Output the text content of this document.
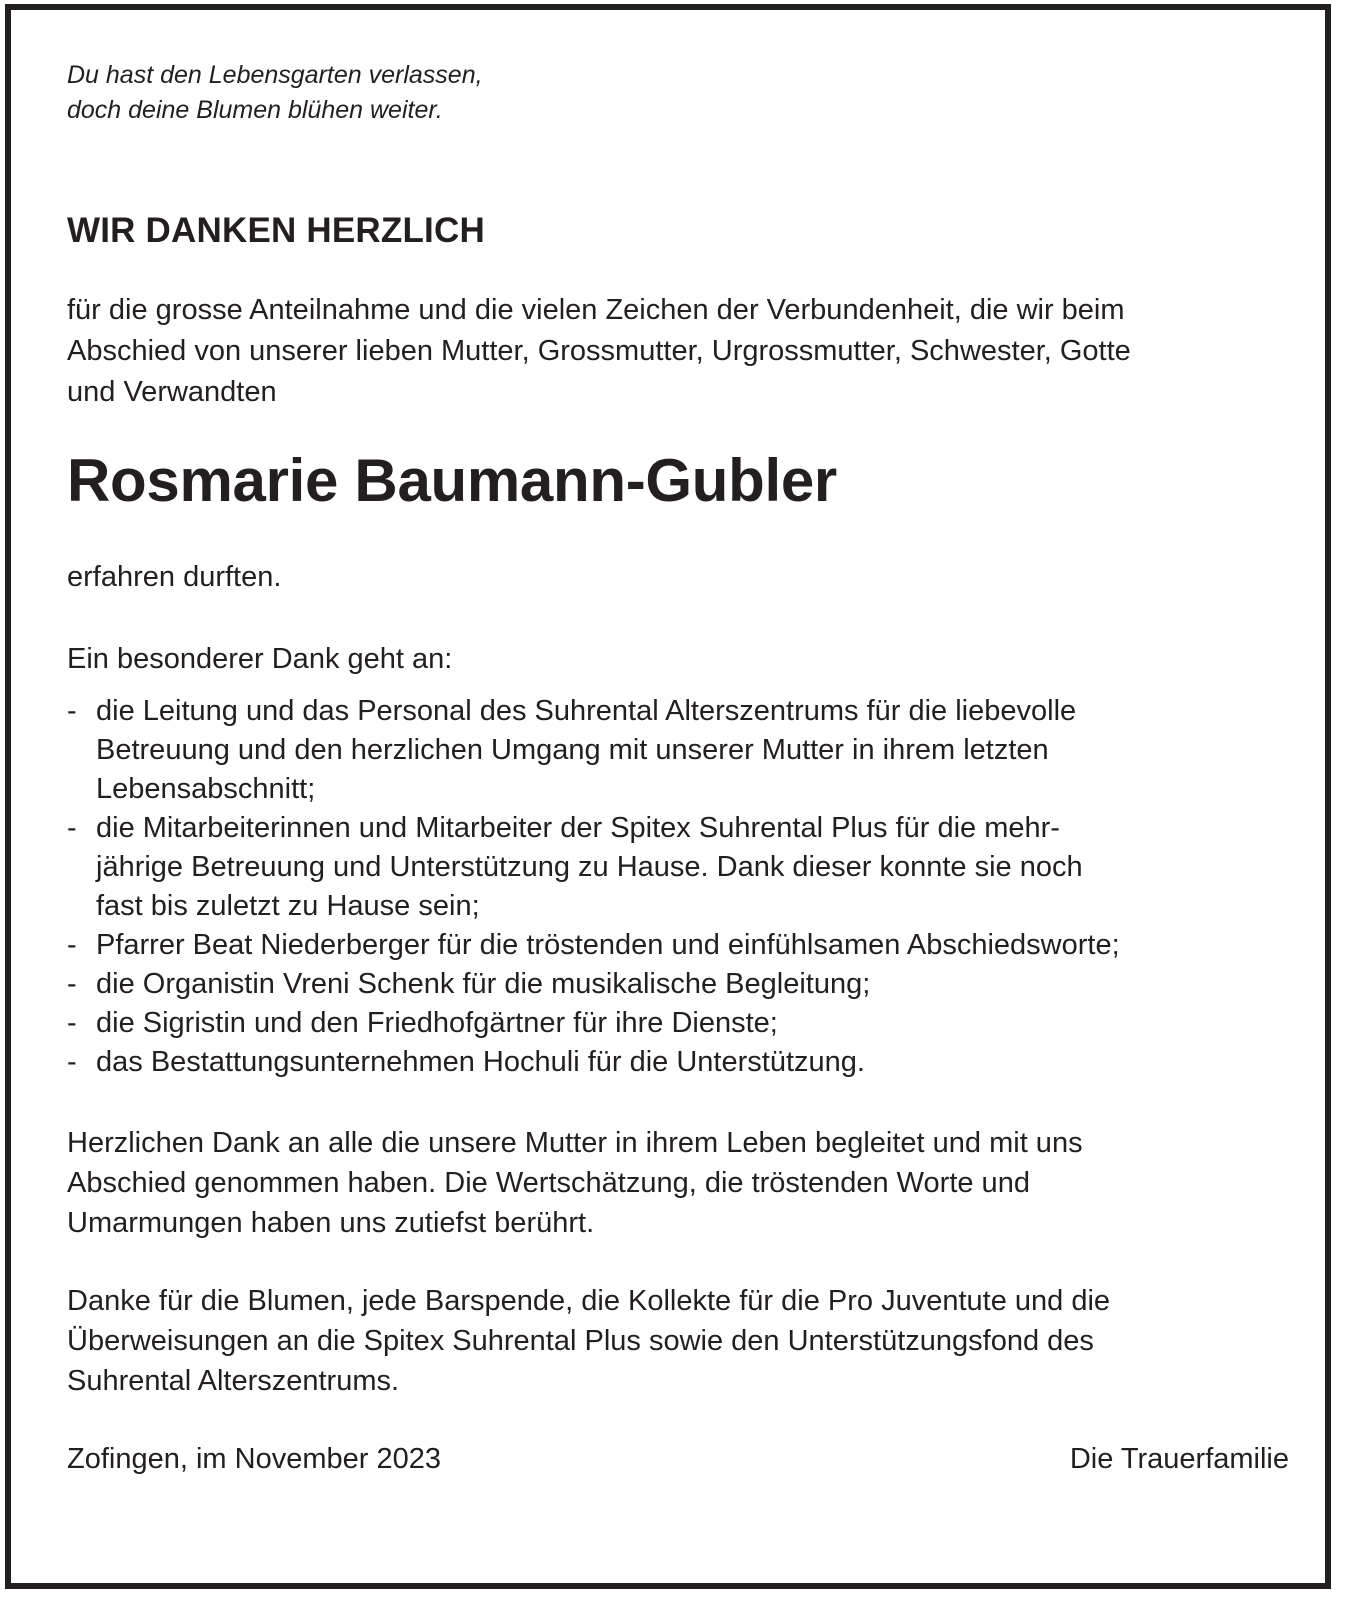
Du hast den Lebensgarten verlassen,
doch deine Blumen blühen weiter.
WIR DANKEN HERZLICH
für die grosse Anteilnahme und die vielen Zeichen der Verbundenheit, die wir beim
Abschied von unserer lieben Mutter, Grossmutter, Urgrossmutter, Schwester, Gotte
und Verwandten
Rosmarie Baumann-Gubler
erfahren durften.
Ein besonderer Dank geht an:
- die Leitung und das Personal des Suhrental Alterszentrums für die liebevolle
Betreuung und den herzlichen Umgang mit unserer Mutter in ihrem letzten
Lebensabschnitt;
- die Mitarbeiterinnen und Mitarbeiter der Spitex Suhrental Plus für die mehr-
jährige Betreuung und Unterstützung zu Hause. Dank dieser konnte sie noch
fast bis zuletzt zu Hause sein;
- Pfarrer Beat Niederberger für die tröstenden und einfühlsamen Abschiedsworte;
- die Organistin Vreni Schenk für die musikalische Begleitung;
- die Sigristin und den Friedhofgärtner für ihre Dienste;
- das Bestattungsunternehmen Hochuli für die Unterstützung.
Herzlichen Dank an alle die unsere Mutter in ihrem Leben begleitet und mit uns
Abschied genommen haben. Die Wertschätzung, die tröstenden Worte und
Umarmungen haben uns zutiefst berührt.
Danke für die Blumen, jede Barspende, die Kollekte für die Pro Juventute und die
Überweisungen an die Spitex Suhrental Plus sowie den Unterstützungsfond des
Suhrental Alterszentrums.
Zofingen, im November 2023	Die Trauerfamilie
